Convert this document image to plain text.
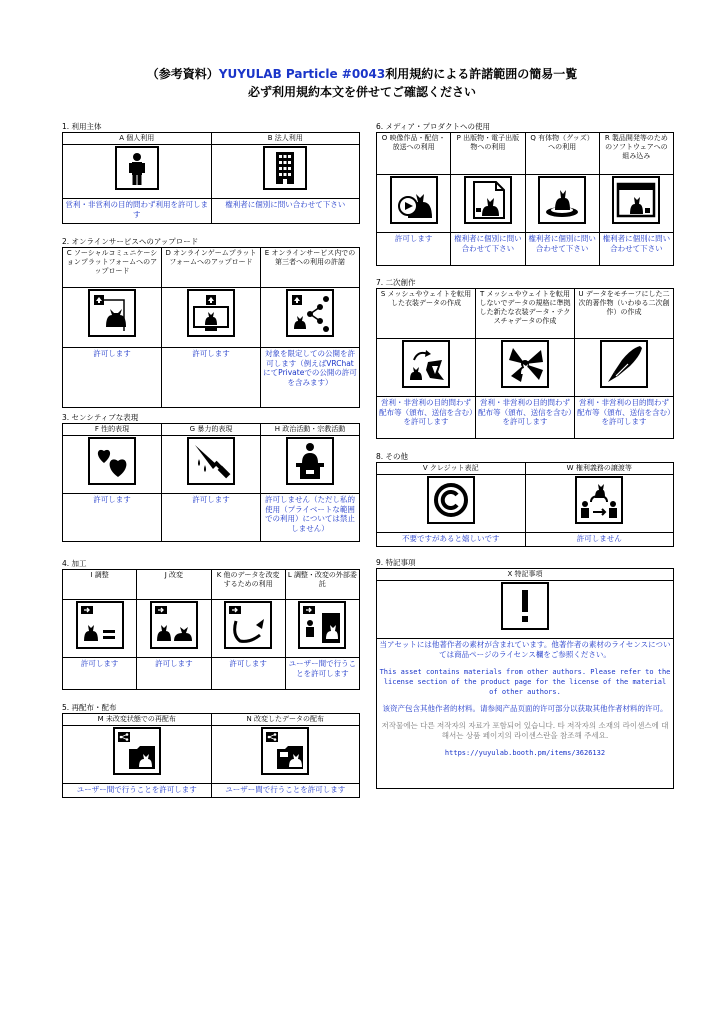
（参考資料）YUYULAB Particle #0043利用規約による許諾範囲の簡易一覧
必ず利用規約本文を併せてご確認ください
1. 利用主体
A 個人利用	B 法人利用

営利・非営利の目的問わず利用を許可します	権利者に個別に問い合わせて下さい
2. オンラインサービスへのアップロード
C ソーシャルコミュニケーションプラットフォームへのアップロード	D オンラインゲームプラットフォームへのアップロード	E オンラインサービス内での第三者への利用の許諾

許可します	許可します	対象を限定しての公開を許可します（例えばVRChatにてPrivateでの公開の許可を含みます）
3. センシティブな表現
F 性的表現	G 暴力的表現	H 政治活動・宗教活動

許可します	許可します	許可しません（ただし私的使用（プライベートな範囲での利用）については禁止しません）
4. 加工
I 調整	J 改変	K 他のデータを改変するための利用	L 調整・改変の外部委託

許可します	許可します	許可します	ユーザー間で行うことを許可します
5. 再配布・配布
M 未改変状態での再配布	N 改変したデータの配布

ユーザー間で行うことを許可します	ユーザー間で行うことを許可します
6. メディア・プロダクトへの使用
O 映像作品・配信・放送への利用	P 出版物・電子出版物への利用	Q 有体物（グッズ）への利用	R 製品開発等のためのソフトウェアへの組み込み

許可します	権利者に個別に問い合わせて下さい	権利者に個別に問い合わせて下さい	権利者に個別に問い合わせて下さい
7. 二次創作
S メッシュやウェイトを転用した衣装データの作成	T メッシュやウェイトを転用しないでデータの規格に準拠した新たな衣装データ・テクスチャデータの作成	U データをモチーフにした二次的著作物（いわゆる二次創作）の作成

営利・非営利の目的問わず配布等（頒布、送信を含む）を許可します	営利・非営利の目的問わず配布等（頒布、送信を含む）を許可します	営利・非営利の目的問わず配布等（頒布、送信を含む）を許可します
8. その他
V クレジット表記	W 権利義務の譲渡等

不要ですがあると嬉しいです	許可しません
9. 特記事項
X 特記事項

当アセットには他著作者の素材が含まれています。他著作者の素材のライセンスについては商品ページのライセンス欄をご参照ください。

This asset contains materials from other authors. Please refer to the license section of the product page for the license of the material of other authors.

该资产包含其他作者的材料。请参阅产品页面的许可部分以获取其他作者材料的许可。

저작물에는 다른 저작자의 자료가 포함되어 있습니다. 타 저작자의 소재의 라이센스에 대해서는 상품 페이지의 라이센스란을 참조해 주세요.

https://yuyulab.booth.pm/items/3626132
